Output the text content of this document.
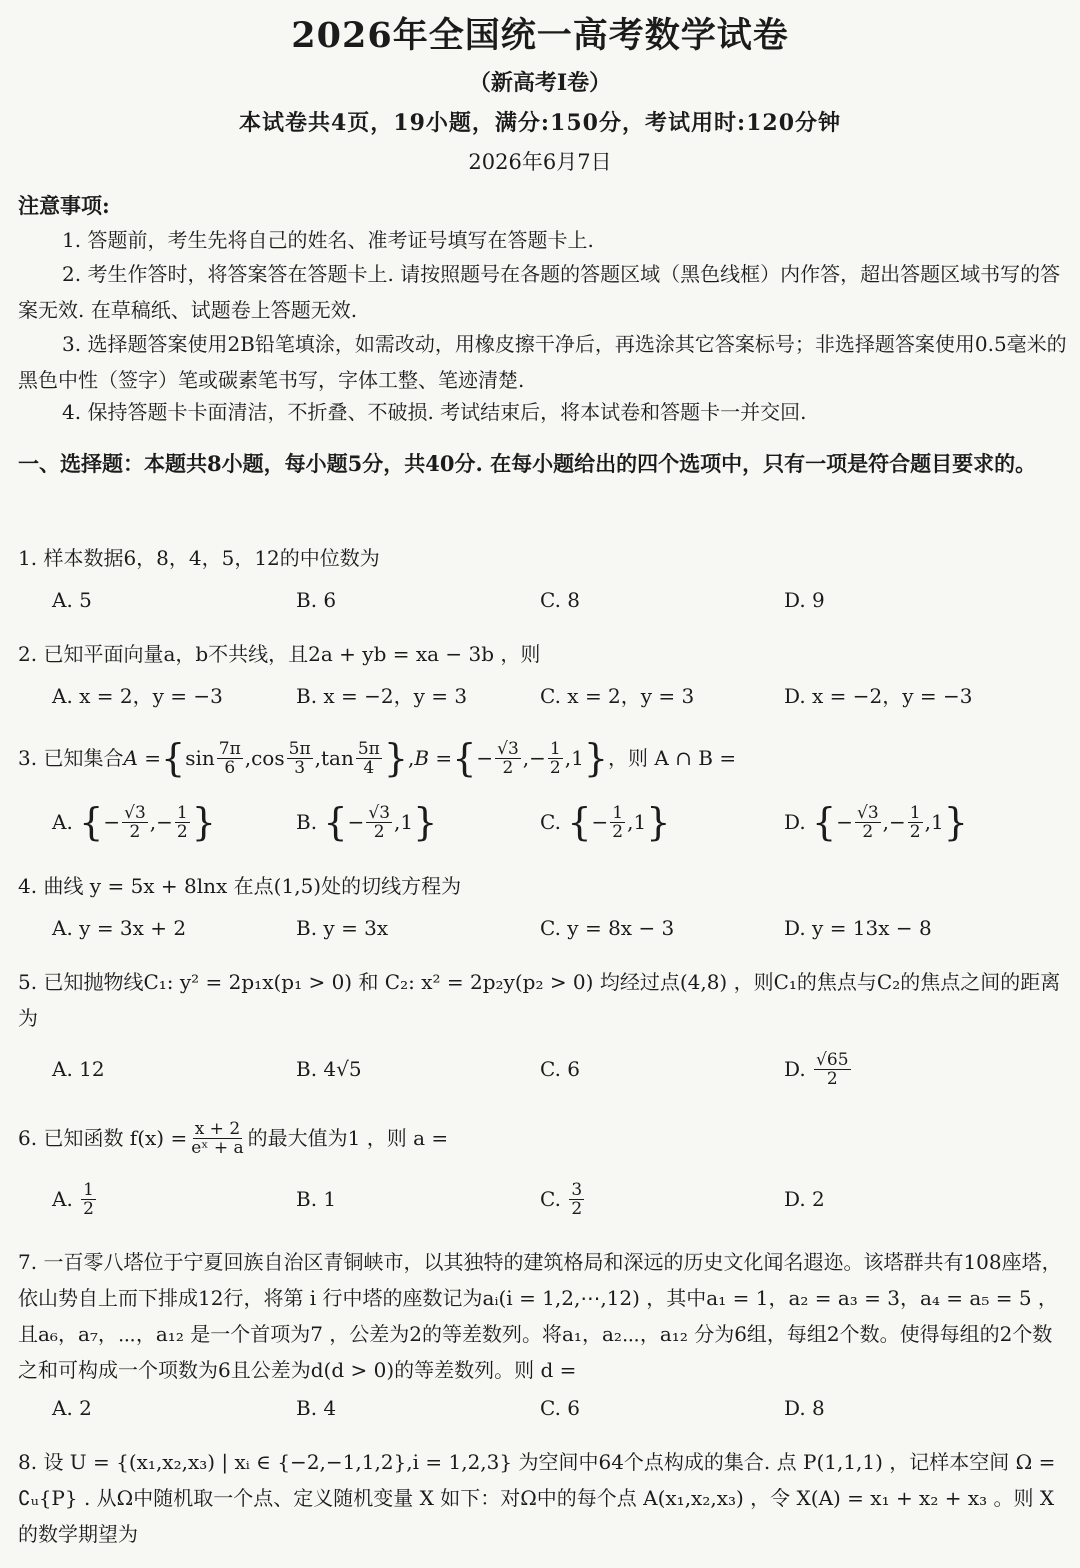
2026年全国统一高考数学试卷
（新高考Ⅰ卷）
本试卷共4页，19小题，满分:150分，考试用时:120分钟
2026年6月7日
注意事项:
1. 答题前，考生先将自己的姓名、准考证号填写在答题卡上.
2. 考生作答时，将答案答在答题卡上. 请按照题号在各题的答题区域（黑色线框）内作答，超出答题区域书写的答案无效. 在草稿纸、试题卷上答题无效.
3. 选择题答案使用2B铅笔填涂，如需改动，用橡皮擦干净后，再选涂其它答案标号；非选择题答案使用0.5毫米的黑色中性（签字）笔或碳素笔书写，字体工整、笔迹清楚.
4. 保持答题卡卡面清洁，不折叠、不破损. 考试结束后，将本试卷和答题卡一并交回.
一、选择题：本题共8小题，每小题5分，共40分. 在每小题给出的四个选项中，只有一项是符合题目要求的。
1. 样本数据6，8，4，5，12的中位数为
A. 5	B. 6	C. 8	D. 9
2. 已知平面向量a，b不共线，且2a + yb = xa − 3b ，则
A. x = 2，y = −3	B. x = −2，y = 3	C. x = 2，y = 3	D. x = −2，y = −3
3. 已知集合 A = { $\sin \frac{7\pi}{6}$ , $\cos \frac{5\pi}{3}$ , $\tan \frac{5\pi}{4}$ } , B = { − $\frac{√3}{2}$ , − $\frac{1}{2}$ , 1 } ，则 A ∩ B =
A.
{ − $\frac{√3}{2}$ , − $\frac{1}{2}$ }	B.
{ − $\frac{√3}{2}$ , 1 }	C.
{ − $\frac{1}{2}$ , 1 }	D.
{ − $\frac{√3}{2}$ , − $\frac{1}{2}$ , 1 }
4. 曲线 y = 5x + 8lnx 在点(1,5)处的切线方程为
A. y = 3x + 2	B. y = 3x	C. y = 8x − 3	D. y = 13x − 8
5. 已知抛物线C₁: y² = 2p₁x(p₁ > 0) 和 C₂: x² = 2p₂y(p₂ > 0) 均经过点(4,8) ，则C₁的焦点与C₂的焦点之间的距离为
A. 12	B. 4√5	C. 6	D.
$\frac{√65}{2}$
6. 已知函数 $f(x) = \frac{x + 2}{\text{eˣ + a}}$ 的最大值为1 ，则 a =
A.
$\frac{1}{2}$	B. 1	C.
$\frac{3}{2}$	D. 2
7. 一百零八塔位于宁夏回族自治区青铜峡市，以其独特的建筑格局和深远的历史文化闻名遐迩。该塔群共有108座塔，依山势自上而下排成12行，将第 i 行中塔的座数记为aᵢ(i = 1,2,⋯,12) ，其中a₁ = 1，a₂ = a₃ = 3，a₄ = a₅ = 5 ，且a₆，a₇，⋯，a₁₂ 是一个首项为7 ，公差为2的等差数列。将a₁，a₂⋯，a₁₂ 分为6组，每组2个数。使得每组的2个数之和可构成一个项数为6且公差为d(d > 0)的等差数列。则 d =
A. 2	B. 4	C. 6	D. 8
8. 设 U = {(x₁,x₂,x₃) | xᵢ ∈ {−2,−1,1,2},i = 1,2,3} 为空间中64个点构成的集合. 点 P(1,1,1) ，记样本空间 Ω = ∁ᵤ{P} . 从Ω中随机取一个点、定义随机变量 X 如下：对Ω中的每个点 A(x₁,x₂,x₃) ，令 X(A) = x₁ + x₂ + x₃ 。则 X 的数学期望为
